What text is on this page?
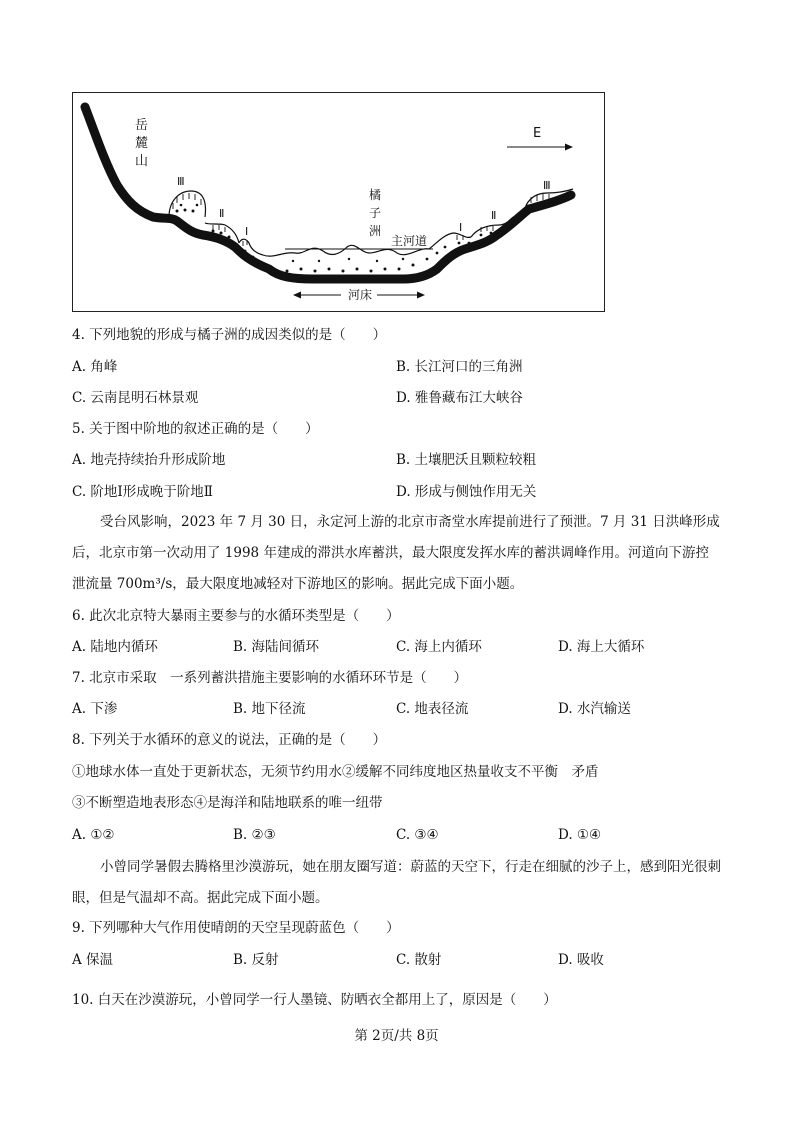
岳
麓
山
橘
子
洲
主河道
河床
E
Ⅲ
Ⅱ
Ⅰ	Ⅰ
Ⅱ
Ⅲ
4. 下列地貌的形成与橘子洲的成因类似的是（　　）
A. 角峰	B. 长江河口的三角洲
C. 云南昆明石林景观	D. 雅鲁藏布江大峡谷
5. 关于图中阶地的叙述正确的是（　　）
A. 地壳持续抬升形成阶地	B. 土壤肥沃且颗粒较粗
C. 阶地Ⅰ形成晚于阶地Ⅱ	D. 形成与侧蚀作用无关
受台风影响，2023 年 7 月 30 日，永定河上游的北京市斋堂水库提前进行了预泄。7 月 31 日洪峰形成后，北京市第一次动用了 1998 年建成的滞洪水库蓄洪，最大限度发挥水库的蓄洪调峰作用。河道向下游控泄流量 700m³/s，最大限度地减轻对下游地区的影响。据此完成下面小题。
6. 此次北京特大暴雨主要参与的水循环类型是（　　）
A. 陆地内循环	B. 海陆间循环	C. 海上内循环	D. 海上大循环
7. 北京市采取　一系列蓄洪措施主要影响的水循环环节是（　　）
A. 下渗	B. 地下径流	C. 地表径流	D. 水汽输送
8. 下列关于水循环的意义的说法，正确的是（　　）
①地球水体一直处于更新状态，无须节约用水②缓解不同纬度地区热量收支不平衡　矛盾
③不断塑造地表形态④是海洋和陆地联系的唯一纽带
A. ①②	B. ②③	C. ③④	D. ①④
小曾同学暑假去腾格里沙漠游玩，她在朋友圈写道：蔚蓝的天空下，行走在细腻的沙子上，感到阳光很刺眼，但是气温却不高。据此完成下面小题。
9. 下列哪种大气作用使晴朗的天空呈现蔚蓝色（　　）
A 保温	B. 反射	C. 散射	D. 吸收
10. 白天在沙漠游玩，小曾同学一行人墨镜、防晒衣全都用上了，原因是（　　）
第 2页/共 8页
